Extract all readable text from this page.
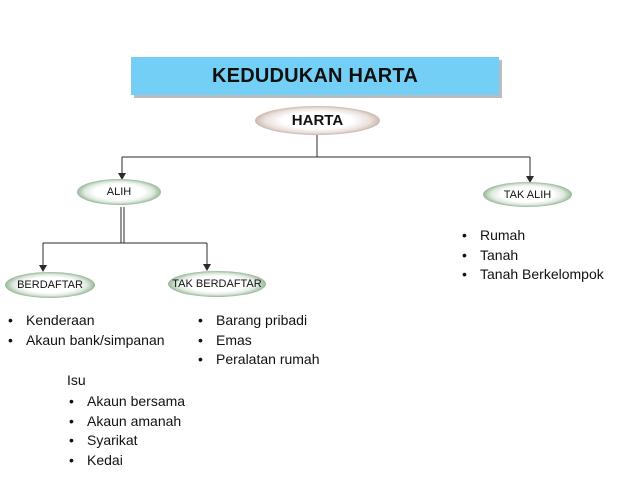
KEDUDUKAN HARTA
HARTA
ALIH	TAK ALIH
BERDAFTAR	TAK BERDAFTAR
• Rumah
• Tanah
• Tanah Berkelompok
• Kenderaan
• Akaun bank/simpanan
• Barang pribadi
• Emas
• Peralatan rumah
Isu
• Akaun bersama
• Akaun amanah
• Syarikat
• Kedai
